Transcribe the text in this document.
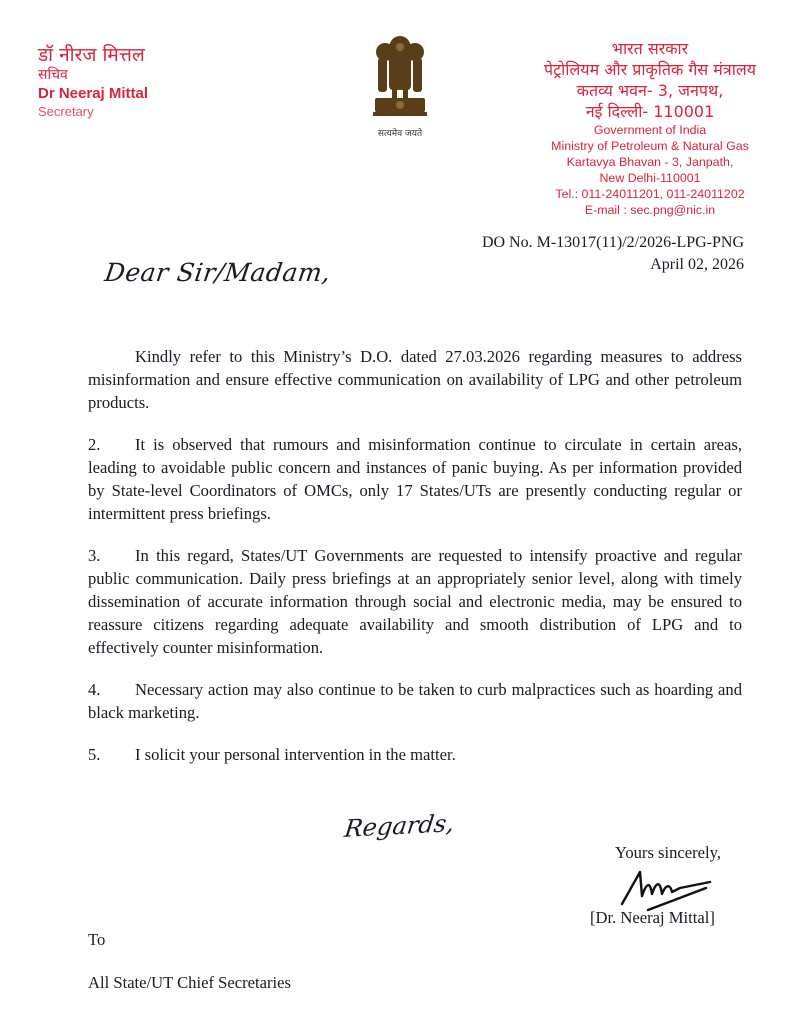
डॉ नीरज मित्तल
सचिव
Dr Neeraj Mittal
Secretary
सत्यमेव जयते
भारत सरकार
पेट्रोलियम और प्राकृतिक गैस मंत्रालय
कतव्य भवन- 3, जनपथ,
नई दिल्ली- 110001
Government of India
Ministry of Petroleum & Natural Gas
Kartavya Bhavan - 3, Janpath,
New Delhi-110001
Tel.: 011-24011201, 011-24011202
E-mail : sec.png@nic.in
DO No. M-13017(11)/2/2026-LPG-PNG
April 02, 2026
Dear Sir/Madam,

Kindly refer to this Ministry’s D.O. dated 27.03.2026 regarding measures to address misinformation and ensure effective communication on availability of LPG and other petroleum products.

2. It is observed that rumours and misinformation continue to circulate in certain areas, leading to avoidable public concern and instances of panic buying. As per information provided by State-level Coordinators of OMCs, only 17 States/UTs are presently conducting regular or intermittent press briefings.

3. In this regard, States/UT Governments are requested to intensify proactive and regular public communication. Daily press briefings at an appropriately senior level, along with timely dissemination of accurate information through social and electronic media, may be ensured to reassure citizens regarding adequate availability and smooth distribution of LPG and to effectively counter misinformation.

4. Necessary action may also continue to be taken to curb malpractices such as hoarding and black marketing.

5. I solicit your personal intervention in the matter.

Regards,
Yours sincerely,
[Dr. Neeraj Mittal]
To
All State/UT Chief Secretaries
